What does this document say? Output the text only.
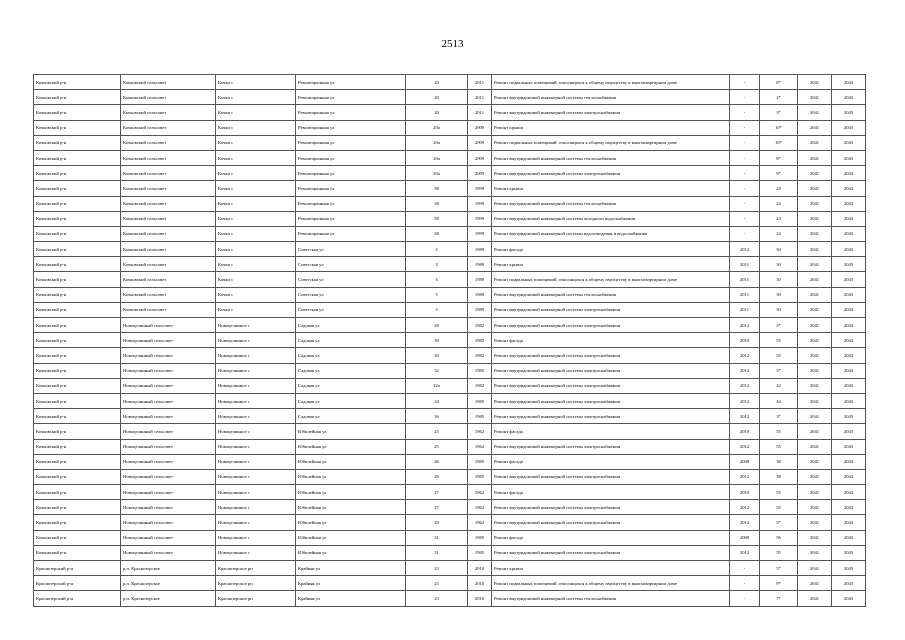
2513
Кочковский р-н	Кочковский сельсовет	Кочки с	Революционная ул	20	2011	Ремонт подвальных помещений, относящихся к общему имуществу в многоквартирном доме	-	8*	2041	2043
Кочковский р-н	Кочковский сельсовет	Кочки с	Революционная ул	20	2011	Ремонт внутридомовой инженерной системы теплоснабжения	-	2*	2041	2043
Кочковский р-н	Кочковский сельсовет	Кочки с	Революционная ул	20	2011	Ремонт внутридомовой инженерной системы электроснабжения	-	3*	2041	2043
Кочковский р-н	Кочковский сельсовет	Кочки с	Революционная ул	20а	2009	Ремонт крыши	-	10*	2041	2043
Кочковский р-н	Кочковский сельсовет	Кочки с	Революционная ул	20а	2009	Ремонт подвальных помещений, относящихся к общему имуществу в многоквартирном доме	-	10*	2041	2043
Кочковский р-н	Кочковский сельсовет	Кочки с	Революционная ул	20а	2009	Ремонт внутридомовой инженерной системы теплоснабжения	-	8*	2041	2043
Кочковский р-н	Кочковский сельсовет	Кочки с	Революционная ул	20а	2009	Ремонт внутридомовой инженерной системы электроснабжения	-	9*	2041	2043
Кочковский р-н	Кочковский сельсовет	Кочки с	Революционная ул	38	1999	Ремонт крыши	-	24	2041	2043
Кочковский р-н	Кочковский сельсовет	Кочки с	Революционная ул	38	1999	Ремонт внутридомовой инженерной системы теплоснабжения	-	24	2041	2043
Кочковский р-н	Кочковский сельсовет	Кочки с	Революционная ул	38	1999	Ремонт внутридомовой инженерной системы холодного водоснабжения	-	24	2041	2043
Кочковский р-н	Кочковский сельсовет	Кочки с	Революционная ул	38	1999	Ремонт внутридомовой инженерной системы водоотведения и водоснабжения	-	24	2041	2043
Кочковский р-н	Кочковский сельсовет	Кочки с	Советская ул	3	1989	Ремонт фасада	2012	30	2041	2043
Кочковский р-н	Кочковский сельсовет	Кочки с	Советская ул	3	1989	Ремонт крыши	2011	30	2041	2043
Кочковский р-н	Кочковский сельсовет	Кочки с	Советская ул	3	1989	Ремонт подвальных помещений, относящихся к общему имуществу в многоквартирном доме	2011	30	2041	2043
Кочковский р-н	Кочковский сельсовет	Кочки с	Советская ул	3	1989	Ремонт внутридомовой инженерной системы теплоснабжения	2011	30	2041	2043
Кочковский р-н	Кочковский сельсовет	Кочки с	Советская ул	3	1989	Ремонт внутридомовой инженерной системы электроснабжения	2011	30	2041	2043
Кочковский р-н	Новоцелинный сельсовет	Новоцелинное с	Садовая ул	28	1982	Ремонт внутридомовой инженерной системы электроснабжения	2012	3*	2041	2043
Кочковский р-н	Новоцелинный сельсовет	Новоцелинное с	Садовая ул	30	1982	Ремонт фасада	2010	55	2041	2043
Кочковский р-н	Новоцелинный сельсовет	Новоцелинное с	Садовая ул	30	1982	Ремонт внутридомовой инженерной системы электроснабжения	2012	55	2041	2043
Кочковский р-н	Новоцелинный сельсовет	Новоцелинное с	Садовая ул	32	1985	Ремонт внутридомовой инженерной системы электроснабжения	2012	3*	2041	2043
Кочковский р-н	Новоцелинный сельсовет	Новоцелинное с	Садовая ул	32а	1982	Ремонт внутридомовой инженерной системы электроснабжения	2012	42	2041	2043
Кочковский р-н	Новоцелинный сельсовет	Новоцелинное с	Садовая ул	34	1985	Ремонт внутридомовой инженерной системы электроснабжения	2012	44	2041	2043
Кочковский р-н	Новоцелинный сельсовет	Новоцелинное с	Садовая ул	36	1985	Ремонт внутридомовой инженерной системы электроснабжения	2012	3*	2041	2043
Кочковский р-н	Новоцелинный сельсовет	Новоцелинное с	Юбилейная ул	25	1962	Ремонт фасада	2010	55	2041	2043
Кочковский р-н	Новоцелинный сельсовет	Новоцелинное с	Юбилейная ул	25	1962	Ремонт внутридомовой инженерной системы электроснабжения	2012	55	2041	2043
Кочковский р-н	Новоцелинный сельсовет	Новоцелинное с	Юбилейная ул	26	1985	Ремонт фасада	2008	38	2041	2043
Кочковский р-н	Новоцелинный сельсовет	Новоцелинное с	Юбилейная ул	26	1985	Ремонт внутридомовой инженерной системы электроснабжения	2012	38	2041	2043
Кочковский р-н	Новоцелинный сельсовет	Новоцелинное с	Юбилейная ул	27	1962	Ремонт фасада	2010	55	2041	2043
Кочковский р-н	Новоцелинный сельсовет	Новоцелинное с	Юбилейная ул	27	1962	Ремонт внутридомовой инженерной системы электроснабжения	2012	55	2041	2043
Кочковский р-н	Новоцелинный сельсовет	Новоцелинное с	Юбилейная ул	29	1962	Ремонт внутридомовой инженерной системы электроснабжения	2012	5*	2041	2043
Кочковский р-н	Новоцелинный сельсовет	Новоцелинное с	Юбилейная ул	31	1985	Ремонт фасада	2009	56	2041	2043
Кочковский р-н	Новоцелинный сельсовет	Новоцелинное с	Юбилейная ул	31	1985	Ремонт внутридомовой инженерной системы электроснабжения	2012	55	2041	2043
Краснозерский р-н	р.п. Краснозерское	Краснозерское рп	Крайняя ул	23	2010	Ремонт крыши	-	5*	2041	2043
Краснозерский р-н	р.п. Краснозерское	Краснозерское рп	Крайняя ул	23	2010	Ремонт подвальных помещений, относящихся к общему имуществу в многоквартирном доме	-	9*	2041	2043
Краснозерский р-н	р.п. Краснозерское	Краснозерское рп	Крайняя ул	23	2010	Ремонт внутридомовой инженерной системы теплоснабжения	-	7*	2041	2043
